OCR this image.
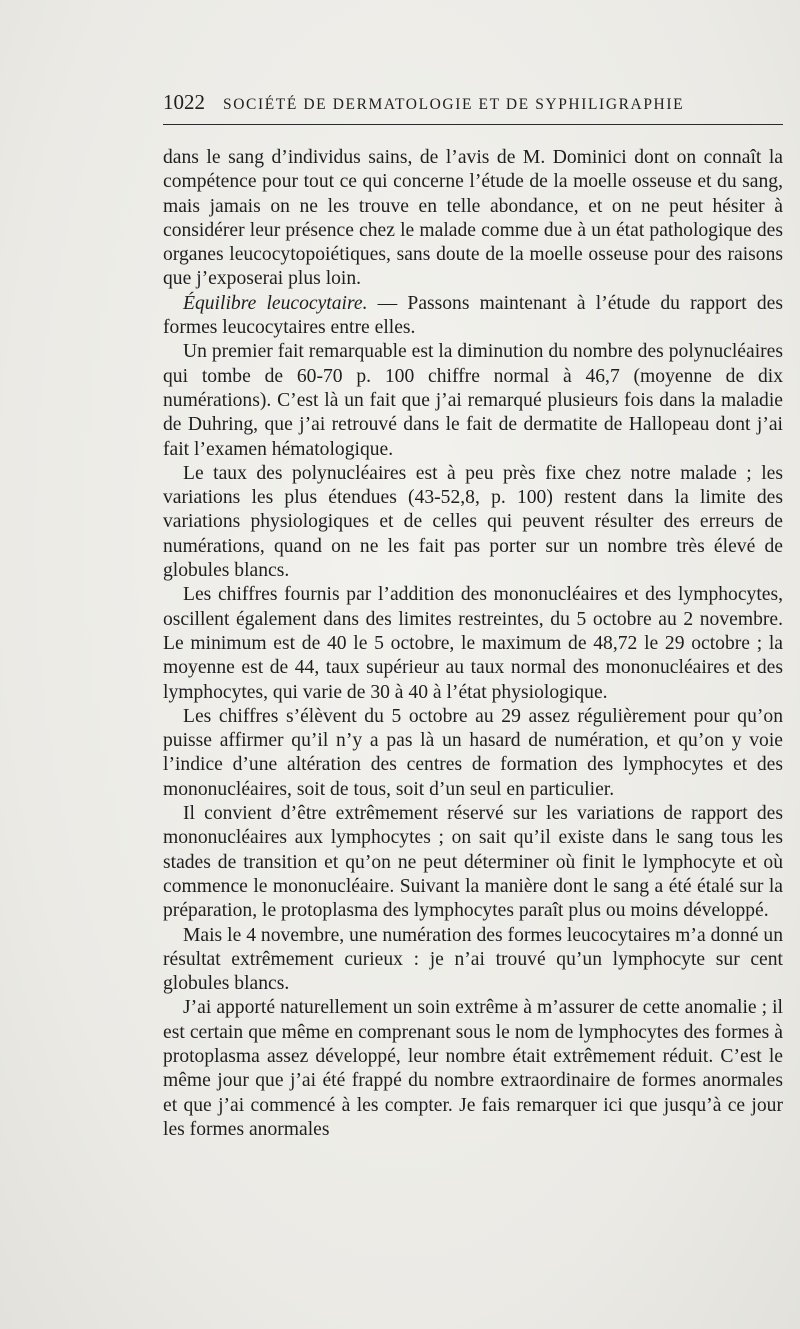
1022 SOCIÉTÉ DE DERMATOLOGIE ET DE SYPHILIGRAPHIE

dans le sang d’individus sains, de l’avis de M. Dominici dont on connaît la compétence pour tout ce qui concerne l’étude de la moelle osseuse et du sang, mais jamais on ne les trouve en telle abondance, et on ne peut hésiter à considérer leur présence chez le malade comme due à un état pathologique des organes leucocytopoiétiques, sans doute de la moelle osseuse pour des raisons que j’exposerai plus loin.

Équilibre leucocytaire. — Passons maintenant à l’étude du rapport des formes leucocytaires entre elles.

Un premier fait remarquable est la diminution du nombre des polynucléaires qui tombe de 60-70 p. 100 chiffre normal à 46,7 (moyenne de dix numérations). C’est là un fait que j’ai remarqué plusieurs fois dans la maladie de Duhring, que j’ai retrouvé dans le fait de dermatite de Hallopeau dont j’ai fait l’examen hématologique.

Le taux des polynucléaires est à peu près fixe chez notre malade ; les variations les plus étendues (43-52,8, p. 100) restent dans la limite des variations physiologiques et de celles qui peuvent résulter des erreurs de numérations, quand on ne les fait pas porter sur un nombre très élevé de globules blancs.

Les chiffres fournis par l’addition des mononucléaires et des lymphocytes, oscillent également dans des limites restreintes, du 5 octobre au 2 novembre. Le minimum est de 40 le 5 octobre, le maximum de 48,72 le 29 octobre ; la moyenne est de 44, taux supérieur au taux normal des mononucléaires et des lymphocytes, qui varie de 30 à 40 à l’état physiologique.

Les chiffres s’élèvent du 5 octobre au 29 assez régulièrement pour qu’on puisse affirmer qu’il n’y a pas là un hasard de numération, et qu’on y voie l’indice d’une altération des centres de formation des lymphocytes et des mononucléaires, soit de tous, soit d’un seul en particulier.

Il convient d’être extrêmement réservé sur les variations de rapport des mononucléaires aux lymphocytes ; on sait qu’il existe dans le sang tous les stades de transition et qu’on ne peut déterminer où finit le lymphocyte et où commence le mononucléaire. Suivant la manière dont le sang a été étalé sur la préparation, le protoplasma des lymphocytes paraît plus ou moins développé.

Mais le 4 novembre, une numération des formes leucocytaires m’a donné un résultat extrêmement curieux : je n’ai trouvé qu’un lymphocyte sur cent globules blancs.

J’ai apporté naturellement un soin extrême à m’assurer de cette anomalie ; il est certain que même en comprenant sous le nom de lymphocytes des formes à protoplasma assez développé, leur nombre était extrêmement réduit. C’est le même jour que j’ai été frappé du nombre extraordinaire de formes anormales et que j’ai commencé à les compter. Je fais remarquer ici que jusqu’à ce jour les formes anormales
